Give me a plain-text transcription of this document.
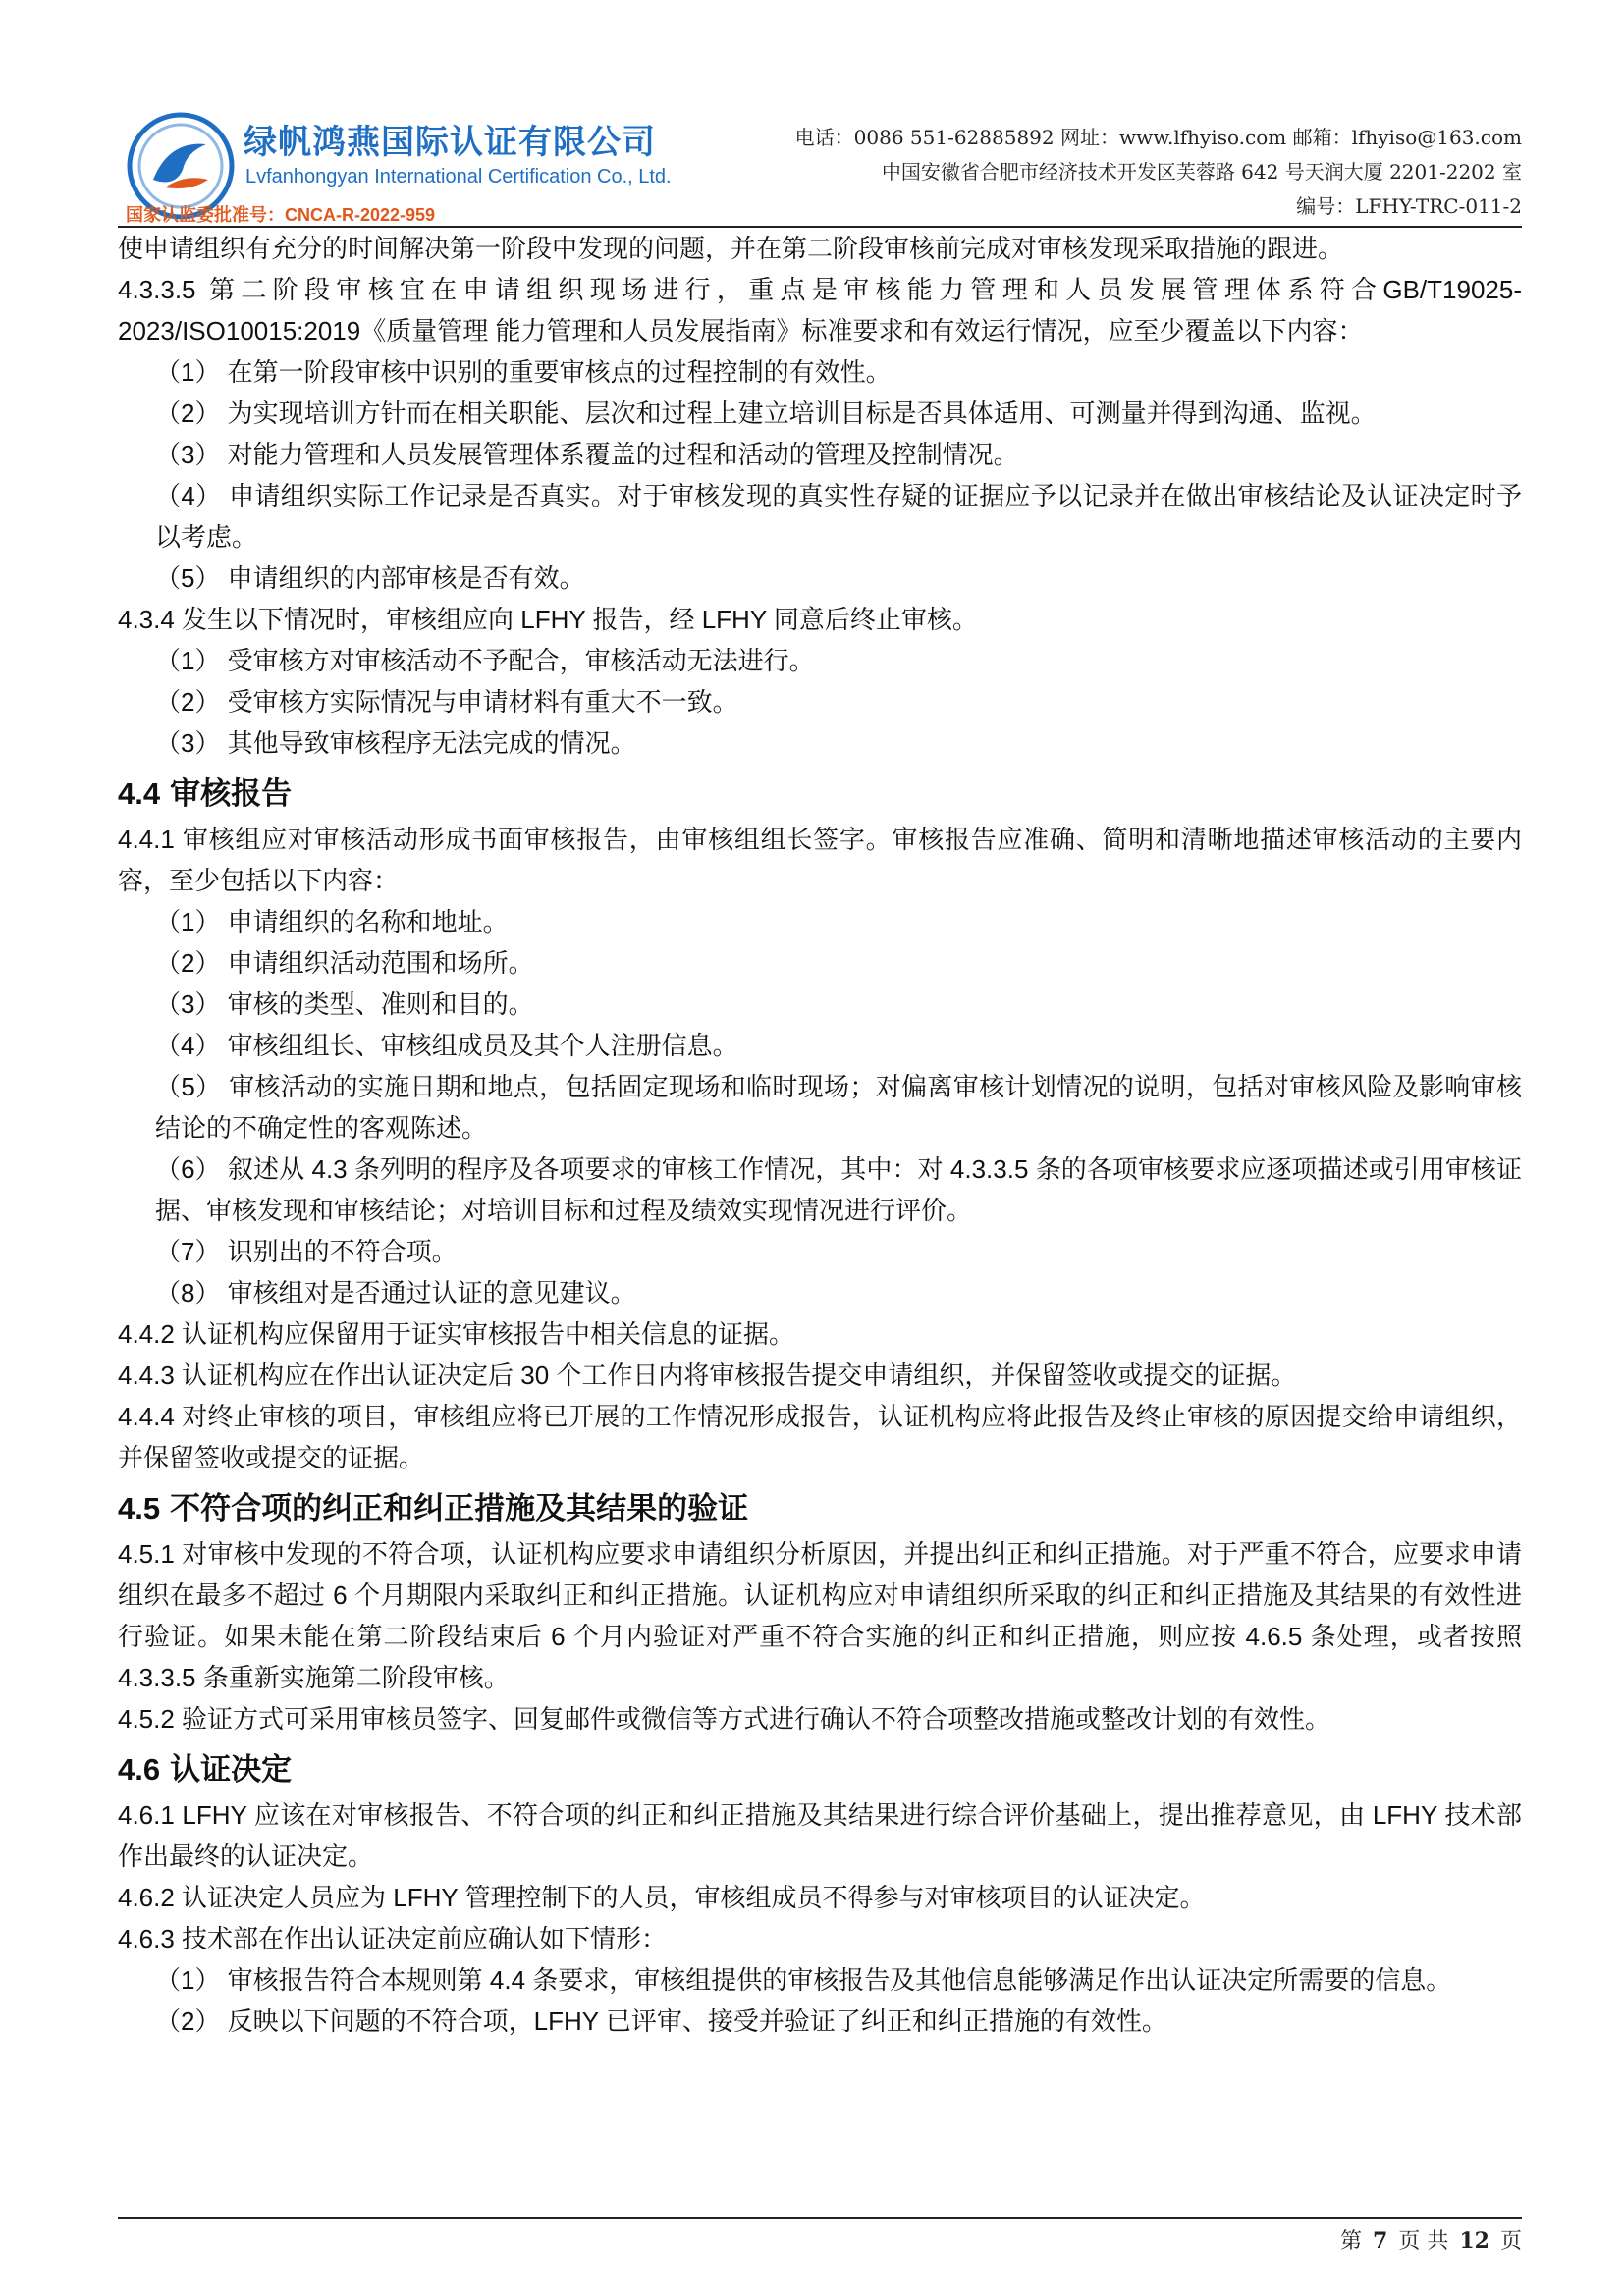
绿帆鸿燕国际认证有限公司
Lvfanhongyan International Certification Co., Ltd.
国家认监委批准号：CNCA-R-2022-959
电话：0086 551-62885892 网址：www.lfhyiso.com 邮箱：lfhyiso@163.com
中国安徽省合肥市经济技术开发区芙蓉路 642 号天润大厦 2201-2202 室
编号：LFHY-TRC-011-2

使申请组织有充分的时间解决第一阶段中发现的问题，并在第二阶段审核前完成对审核发现采取措施的跟进。

4.3.3.5 第二阶段审核宜在申请组织现场进行，重点是审核能力管理和人员发展管理体系符合GB/T19025-2023/ISO10015:2019《质量管理 能力管理和人员发展指南》标准要求和有效运行情况，应至少覆盖以下内容：

（1） 在第一阶段审核中识别的重要审核点的过程控制的有效性。

（2） 为实现培训方针而在相关职能、层次和过程上建立培训目标是否具体适用、可测量并得到沟通、监视。

（3） 对能力管理和人员发展管理体系覆盖的过程和活动的管理及控制情况。

（4） 申请组织实际工作记录是否真实。对于审核发现的真实性存疑的证据应予以记录并在做出审核结论及认证决定时予以考虑。

（5） 申请组织的内部审核是否有效。

4.3.4 发生以下情况时，审核组应向 LFHY 报告，经 LFHY 同意后终止审核。

（1） 受审核方对审核活动不予配合，审核活动无法进行。

（2） 受审核方实际情况与申请材料有重大不一致。

（3） 其他导致审核程序无法完成的情况。

4.4 审核报告

4.4.1 审核组应对审核活动形成书面审核报告，由审核组组长签字。审核报告应准确、简明和清晰地描述审核活动的主要内容，至少包括以下内容：

（1） 申请组织的名称和地址。

（2） 申请组织活动范围和场所。

（3） 审核的类型、准则和目的。

（4） 审核组组长、审核组成员及其个人注册信息。

（5） 审核活动的实施日期和地点，包括固定现场和临时现场；对偏离审核计划情况的说明，包括对审核风险及影响审核结论的不确定性的客观陈述。

（6） 叙述从 4.3 条列明的程序及各项要求的审核工作情况，其中：对 4.3.3.5 条的各项审核要求应逐项描述或引用审核证据、审核发现和审核结论；对培训目标和过程及绩效实现情况进行评价。

（7） 识别出的不符合项。

（8） 审核组对是否通过认证的意见建议。

4.4.2 认证机构应保留用于证实审核报告中相关信息的证据。

4.4.3 认证机构应在作出认证决定后 30 个工作日内将审核报告提交申请组织，并保留签收或提交的证据。

4.4.4 对终止审核的项目，审核组应将已开展的工作情况形成报告，认证机构应将此报告及终止审核的原因提交给申请组织，并保留签收或提交的证据。

4.5 不符合项的纠正和纠正措施及其结果的验证

4.5.1 对审核中发现的不符合项，认证机构应要求申请组织分析原因，并提出纠正和纠正措施。对于严重不符合，应要求申请组织在最多不超过 6 个月期限内采取纠正和纠正措施。认证机构应对申请组织所采取的纠正和纠正措施及其结果的有效性进行验证。如果未能在第二阶段结束后 6 个月内验证对严重不符合实施的纠正和纠正措施，则应按 4.6.5 条处理，或者按照 4.3.3.5 条重新实施第二阶段审核。

4.5.2 验证方式可采用审核员签字、回复邮件或微信等方式进行确认不符合项整改措施或整改计划的有效性。

4.6 认证决定

4.6.1 LFHY 应该在对审核报告、不符合项的纠正和纠正措施及其结果进行综合评价基础上，提出推荐意见，由 LFHY 技术部作出最终的认证决定。

4.6.2 认证决定人员应为 LFHY 管理控制下的人员，审核组成员不得参与对审核项目的认证决定。

4.6.3 技术部在作出认证决定前应确认如下情形：

（1） 审核报告符合本规则第 4.4 条要求，审核组提供的审核报告及其他信息能够满足作出认证决定所需要的信息。

（2） 反映以下问题的不符合项，LFHY 已评审、接受并验证了纠正和纠正措施的有效性。

第 7 页 共 12 页
